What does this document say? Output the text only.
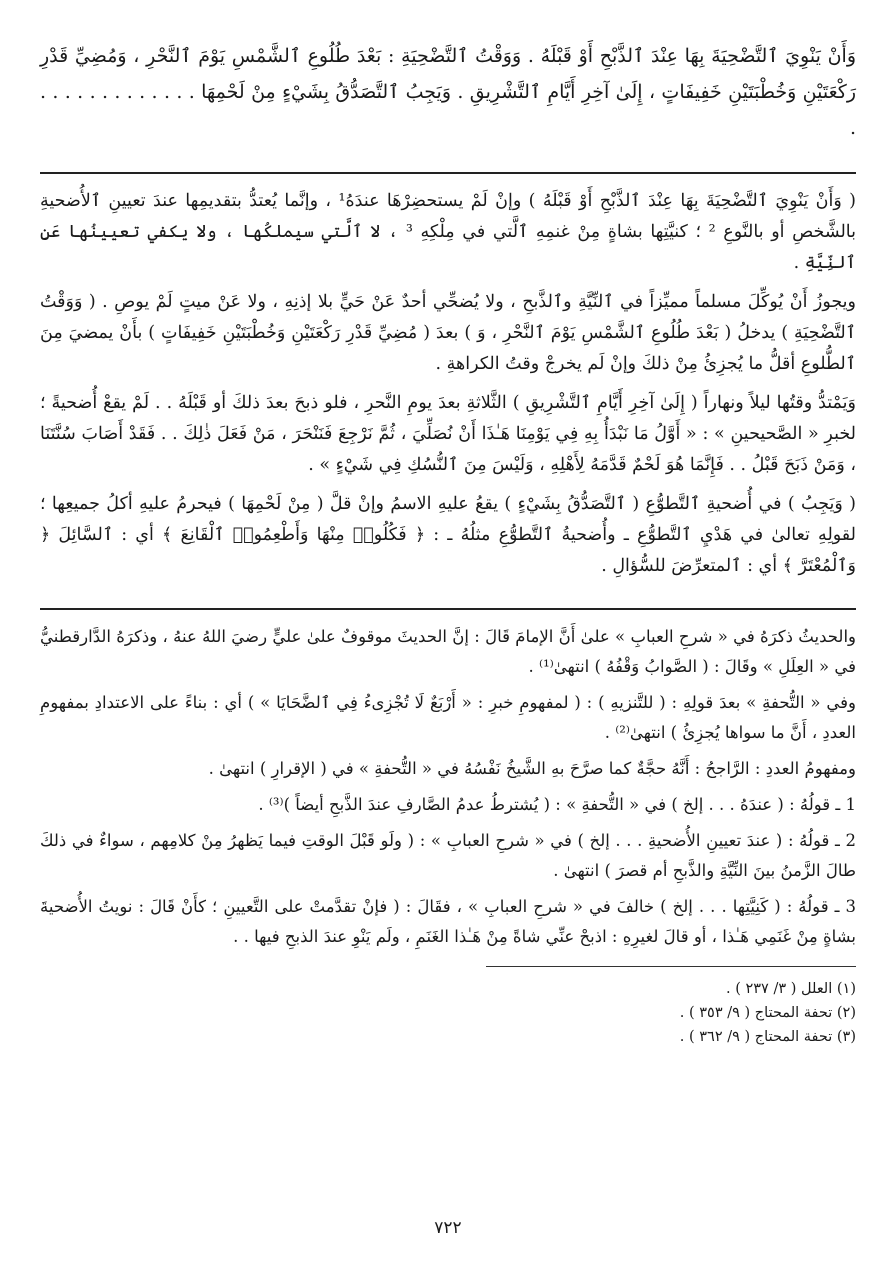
وَأَنْ يَنْوِيَ ٱلتَّضْحِيَةَ بِهَا عِنْدَ ٱلذَّبْحِ أَوْ قَبْلَهُ . وَوَقْتُ ٱلتَّضْحِيَةِ : بَعْدَ طُلُوعِ ٱلشَّمْسِ يَوْمَ ٱلنَّحْرِ ، وَمُضِيِّ قَدْرِ رَكْعَتَيْنِ وَخُطْبَتَيْنِ خَفِيفَاتٍ ، إِلَىٰ آخِرِ أَيَّامِ ٱلتَّشْرِيقِ . وَيَجِبُ ٱلتَّصَدُّقُ بِشَيْءٍ مِنْ لَحْمِهَا . . . . . . . . . . . . . .

( وَأَنْ يَنْوِيَ ٱلتَّضْحِيَةَ بِهَا عِنْدَ ٱلذَّبْحِ أَوْ قَبْلَهُ ) وإنْ لَمْ يستحضِرْهَا عندَهُ¹ ، وإنَّما يُعتدُّ بتقديمِها عندَ تعيينِ ٱلأُضحيةِ بالشَّخصِ أو بالنَّوعِ ² ؛ كنيَّتِها بشاةٍ مِنْ غنمِهِ ٱلَّتي في مِلْكِهِ ³ ، لا ٱلَّتي سيملكُها ، ولا يكفي تعيينُها عَنِ ٱلنِّيَّةِ .

ويجوزُ أَنْ يُوكِّلَ مسلماً مميِّزاً في ٱلنِّيَّةِ وٱلذَّبحِ ، ولا يُضحِّي أحدٌ عَنْ حَيٍّ بلا إذنِهِ ، ولا عَنْ ميتٍ لَمْ يوصِ . ( وَوَقْتُ ٱلتَّضْحِيَةِ ) يدخلُ ( بَعْدَ طُلُوعِ ٱلشَّمْسِ يَوْمَ ٱلنَّحْرِ ، وَ ) بعدَ ( مُضِيِّ قَدْرِ رَكْعَتَيْنِ وَخُطْبَتَيْنِ خَفِيفَاتٍ ) بأَنْ يمضيَ مِنَ ٱلطُّلوعِ أقلُّ ما يُجزِئُ مِنْ ذلكَ وإنْ لَم يخرجْ وقتُ الكراهةِ .

وَيَمْتدُّ وقتُها ليلاً ونهاراً ( إِلَىٰ آخِرِ أَيَّامِ ٱلتَّشْرِيقِ ) الثَّلاثةِ بعدَ يومِ النَّحرِ ، فلو ذبحَ بعدَ ذلكَ أو قَبْلَهُ . . لَمْ يقعْ أُضحيةً ؛ لخبرِ « الصَّحيحينِ » : « أَوَّلُ مَا نَبْدَأُ بِهِ فِي يَوْمِنَا هَـٰذَا أَنْ نُصَلِّيَ ، ثُمَّ نَرْجِعَ فَنَنْحَرَ ، مَنْ فَعَلَ ذٰلِكَ . . فَقَدْ أَصَابَ سُنَّتَنَا ، وَمَنْ ذَبَحَ قَبْلُ . . فَإِنَّمَا هُوَ لَحْمٌ قَدَّمَهُ لِأَهْلِهِ ، وَلَيْسَ مِنَ ٱلنُّسُكِ فِي شَيْءٍ » .

( وَيَجِبُ ) في أُضحيةِ ٱلتَّطوُّعِ ( ٱلتَّصَدُّقُ بِشَيْءٍ ) يقعُ عليهِ الاسمُ وإنْ قلَّ ( مِنْ لَحْمِهَا ) فيحرمُ عليهِ أكلُ جميعِها ؛ لقولِهِ تعالىٰ في هَدْيِ ٱلتَّطوُّعِ ـ وأُضحيةُ ٱلتَّطوُّعِ مثلُهُ ـ : ﴿ فَكُلُوا۟ مِنْهَا وَأَطْعِمُوا۟ ٱلْقَانِعَ ﴾ أي : ٱلسَّائِلَ ﴿ وَٱلْمُعْتَرَّ ﴾ أي : ٱلمتعرِّضَ للسُّؤالِ .

والحديثُ ذكرَهُ في « شرحِ العبابِ » علىٰ أَنَّ الإمامَ قَالَ : إنَّ الحديثَ موقوفٌ علىٰ عليٍّ رضيَ اللهُ عنهُ ، وذكرَهُ الدَّارقطنيُّ في « العِلَلِ » وقَالَ : ( الصَّوابُ وَقْفُهُ ) انتهىٰ⁽¹⁾ .

وفي « التُّحفةِ » بعدَ قولِهِ : ( للتَّنزيهِ ) : ( لمفهومِ خبرِ : « أَرْبَعٌ لَا تُجْزِىءُ فِي ٱلضَّحَايَا » ) أي : بناءً على الاعتدادِ بمفهومِ العددِ ، أَنَّ ما سواها يُجزِئُ ) انتهىٰ⁽²⁾ .

ومفهومُ العددِ : الرَّاجحُ : أَنَّهُ حجَّةٌ كما صرَّحَ بهِ الشَّيخُ نَفْسُهُ في « التُّحفةِ » في ( الإقرارِ ) انتهىٰ .

1 ـ قولُهُ : ( عندَهُ . . . إلخ ) في « التُّحفةِ » : ( يُشترطُ عدمُ الصَّارفِ عندَ الذَّبحِ أيضاً )⁽³⁾ .

2 ـ قولُهُ : ( عندَ تعيينِ الأُضحيةِ . . . إلخ ) في « شرحِ العبابِ » : ( ولَو قَبْلَ الوقتِ فيما يَظهرُ مِنْ كلامِهم ، سواءٌ في ذلكَ طالَ الزَّمنُ بينَ النِّيَّةِ والذَّبحِ أم قصرَ ) انتهىٰ .

3 ـ قولُهُ : ( كَنِيَّتِها . . . إلخ ) خالفَ في « شرحِ العبابِ » ، فقَالَ : ( فإنْ تقدَّمتْ على التَّعيينِ ؛ كأَنْ قَالَ : نويتُ الأُضحيةَ بشاةٍ مِنْ غَنَمِي هَـٰذا ، أو قالَ لغيرِهِ : اذبحْ عنِّي شاةً مِنْ هَـٰذا الغَنَمِ ، ولَم يَنْوِ عندَ الذبحِ فيها . .

(١) العلل ( ٣/ ٢٣٧ ) .
(٢) تحفة المحتاج ( ٩/ ٣٥٣ ) .
(٣) تحفة المحتاج ( ٩/ ٣٦٢ ) .
٧٢٢
